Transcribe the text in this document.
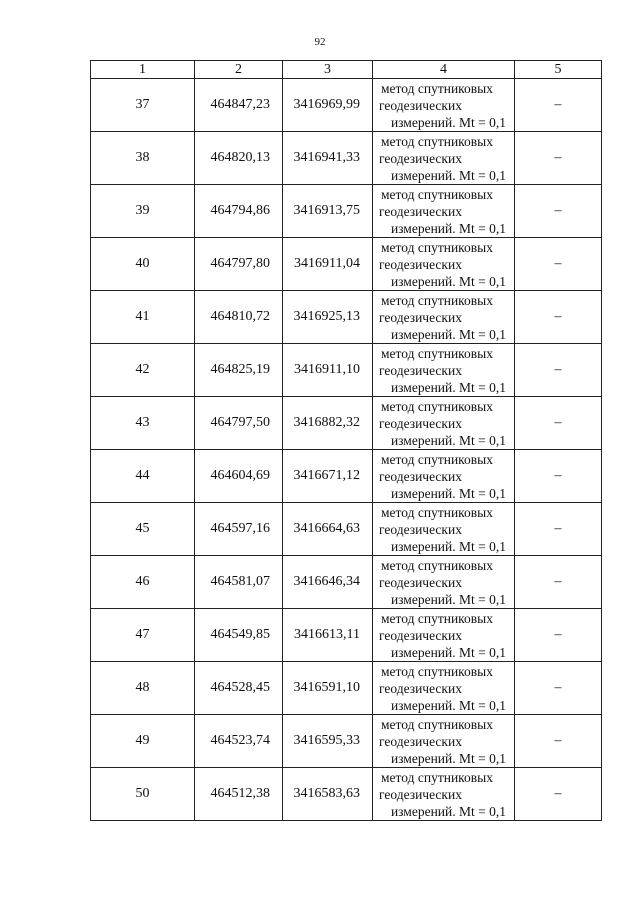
92
1	2	3	4	5
37	464847,23	3416969,99	метод спутниковых
геодезических
измерений. Mt = 0,1	–
38	464820,13	3416941,33	метод спутниковых
геодезических
измерений. Mt = 0,1	–
39	464794,86	3416913,75	метод спутниковых
геодезических
измерений. Mt = 0,1	–
40	464797,80	3416911,04	метод спутниковых
геодезических
измерений. Mt = 0,1	–
41	464810,72	3416925,13	метод спутниковых
геодезических
измерений. Mt = 0,1	–
42	464825,19	3416911,10	метод спутниковых
геодезических
измерений. Mt = 0,1	–
43	464797,50	3416882,32	метод спутниковых
геодезических
измерений. Mt = 0,1	–
44	464604,69	3416671,12	метод спутниковых
геодезических
измерений. Mt = 0,1	–
45	464597,16	3416664,63	метод спутниковых
геодезических
измерений. Mt = 0,1	–
46	464581,07	3416646,34	метод спутниковых
геодезических
измерений. Mt = 0,1	–
47	464549,85	3416613,11	метод спутниковых
геодезических
измерений. Mt = 0,1	–
48	464528,45	3416591,10	метод спутниковых
геодезических
измерений. Mt = 0,1	–
49	464523,74	3416595,33	метод спутниковых
геодезических
измерений. Mt = 0,1	–
50	464512,38	3416583,63	метод спутниковых
геодезических
измерений. Mt = 0,1	–
